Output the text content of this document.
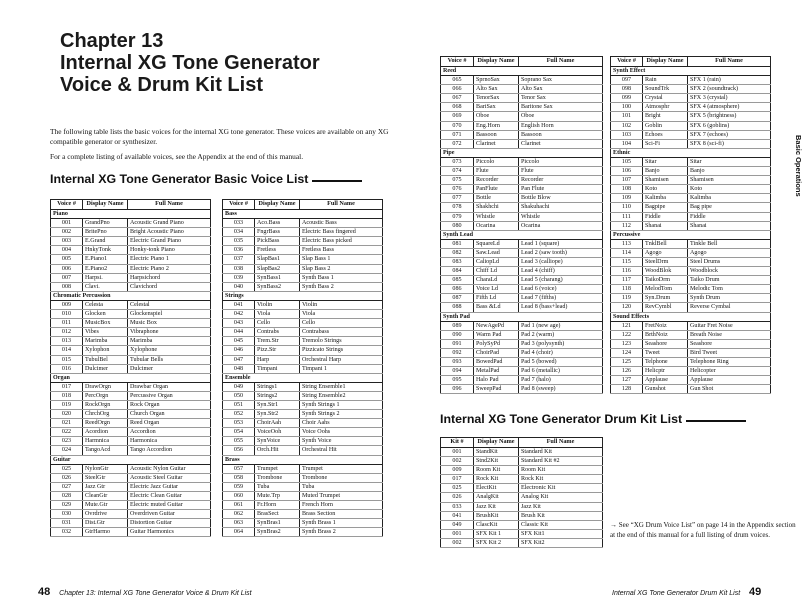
Chapter 13
Internal XG Tone Generator
Voice & Drum Kit List

The following table lists the basic voices for the internal XG tone generator. These voices are available on any XG compatible generator or synthesizer.

For a complete listing of available voices, see the Appendix at the end of this manual.

Internal XG Tone Generator Basic Voice List
Internal XG Tone Generator Drum Kit List
Voice #	Display Name	Full Name
Piano		
001	GrandPno	Acoustic Grand Piano
002	BritePno	Bright Acoustic Piano
003	E.Grand	Electric Grand Piano
004	HnkyTonk	Honky-tonk Piano
005	E.Piano1	Electric Piano 1
006	E.Piano2	Electric Piano 2
007	Harpsi.	Harpsichord
008	Clavi.	Clavichord
Chromatic Percussion		
009	Celesta	Celestal
010	Glocken	Glockenspiel
011	MusicBox	Music Box
012	Vibes	Vibraphone
013	Marimba	Marimba
014	Xylophon	Xylophone
015	TubulBel	Tubular Bells
016	Dulcimer	Dulcimer
Organ		
017	DrawOrgn	Drawbar Organ
018	PercOrgn	Percussive Organ
019	RockOrgn	Rock Organ
020	ChrchOrg	Church Organ
021	ReedOrgn	Reed Organ
022	Acordion	Accordion
023	Harmnica	Harmonica
024	TangoAcd	Tango Accordion
Guitar		
025	NylonGtr	Acoustic Nylon Guitar
026	SteelGtr	Acoustic Steel Guitar
027	Jazz Gtr	Electric Jazz Guitar
028	CleanGtr	Electric Clean Guitar
029	Mute.Gtr	Electric muted Guitar
030	Ovrdrive	Overdriven Guitar
031	Dist.Gtr	Distortion Guitar
032	GtrHarmo	Guitar Harmonics
Voice #	Display Name	Full Name
Bass		
033	Aco.Bass	Acoustic Bass
034	FngrBass	Electric Bass fingered
035	PickBass	Electric Bass picked
036	Fretless	Fretless Bass
037	SlapBas1	Slap Bass 1
038	SlapBas2	Slap Bass 2
039	SynBass1	Synth Bass 1
040	SynBass2	Synth Bass 2
Strings		
041	Violin	Violin
042	Viola	Viola
043	Cello	Cello
044	Contrabs	Contrabass
045	Trem.Str	Tremolo Strings
046	Pizz.Str	Pizzicato Strings
047	Harp	Orchestral Harp
048	Timpani	Timpani 1
Ensemble		
049	Strings1	String Ensemble1
050	Strings2	String Ensemble2
051	Syn.Str1	Synth Strings 1
052	Syn.Str2	Synth Strings 2
053	ChoirAah	Choir Aahs
054	VoiceOoh	Voice Oohs
055	SynVoice	Synth Voice
056	Orch.Hit	Orchestral Hit
Brass		
057	Trumpet	Trumpet
058	Trombone	Trombone
059	Tuba	Tuba
060	Mute.Trp	Muted Trumpet
061	Fr.Horn	French Horn
062	BrasSect	Brass Section
063	SynBras1	Synth Brass 1
064	SynBras2	Synth Brass 2
Voice #	Display Name	Full Name
Reed		
065	SprnoSax	Soprano Sax
066	Alto Sax	Alto Sax
067	TenorSax	Tenor Sax
068	BariSax	Baritone Sax
069	Oboe	Oboe
070	Eng.Horn	English Horn
071	Bassoon	Bassoon
072	Clarinet	Clarinet
Pipe		
073	Piccolo	Piccolo
074	Flute	Flute
075	Recorder	Recorder
076	PanFlute	Pan Flute
077	Bottle	Bottle Blow
078	Shakhchi	Shakuhachi
079	Whistle	Whistle
080	Ocarina	Ocarina
Synth Lead		
081	SquareLd	Lead 1 (square)
082	Saw.Lead	Lead 2 (saw tooth)
083	CaliopLd	Lead 3 (calliope)
084	Chiff Ld	Lead 4 (chiff)
085	CharaLd	Lead 5 (charang)
086	Voice Ld	Lead 6 (voice)
087	Fifth Ld	Lead 7 (fifths)
088	Bass &Ld	Lead 8 (bass+lead)
Synth Pad		
089	NewAgePd	Pad 1 (new age)
090	Warm Pad	Pad 2 (warm)
091	PolySyPd	Pad 3 (polysynth)
092	ChoirPad	Pad 4 (choir)
093	BowedPad	Pad 5 (bowed)
094	MetalPad	Pad 6 (metallic)
095	Halo Pad	Pad 7 (halo)
096	SweepPad	Pad 8 (sweep)
Voice #	Display Name	Full Name
Synth Effect		
097	Rain	SFX 1 (rain)
098	SoundTrk	SFX 2 (soundtrack)
099	Crystal	SFX 3 (crystal)
100	Atmosphr	SFX 4 (atmosphere)
101	Bright	SFX 5 (brightness)
102	Goblin	SFX 6 (goblins)
103	Echoes	SFX 7 (echoes)
104	Sci-Fi	SFX 8 (sci-fi)
Ethnic		
105	Sitar	Sitar
106	Banjo	Banjo
107	Shamisen	Shamisen
108	Koto	Koto
109	Kalimba	Kalimba
110	Bagpipe	Bag pipe
111	Fiddle	Fiddle
112	Shanai	Shanai
Percussive		
113	TnklBell	Tinkle Bell
114	Agogo	Agogo
115	SteelDrm	Steel Drums
116	WoodBlok	Woodblock
117	TaikoDrm	Taiko Drum
118	MelodTom	Melodic Tom
119	Syn.Drum	Synth Drum
120	RevCymbl	Reverse Cymbal
Sound Effects		
121	FretNoiz	Guitar Fret Noise
122	BrthNoiz	Breath Noise
123	Seashore	Seashore
124	Tweet	Bird Tweet
125	Telphone	Telephone Ring
126	Helicptr	Helicopter
127	Applause	Applause
128	Gunshot	Gun Shot
Kit #	Display Name	Full Name
001	StandKit	Standard Kit
002	Stnd2Kit	Standard Kit #2
009	Room Kit	Room Kit
017	Rock Kit	Rock Kit
025	ElectKit	Electronic Kit
026	AnalgKit	Analog Kit
033	Jazz Kit	Jazz Kit
041	BrushKit	Brush Kit
049	ClascKit	Classic Kit
001	SFX Kit 1	SFX Kit1
002	SFX Kit 2	SFX Kit2
→ See “XG Drum Voice List” on page 14 in the Appendix section at the end of this manual for a full listing of drum voices.
Basic Operations
48 Chapter 13: Internal XG Tone Generator Voice & Drum Kit List	Internal XG Tone Generator Drum Kit List 49
